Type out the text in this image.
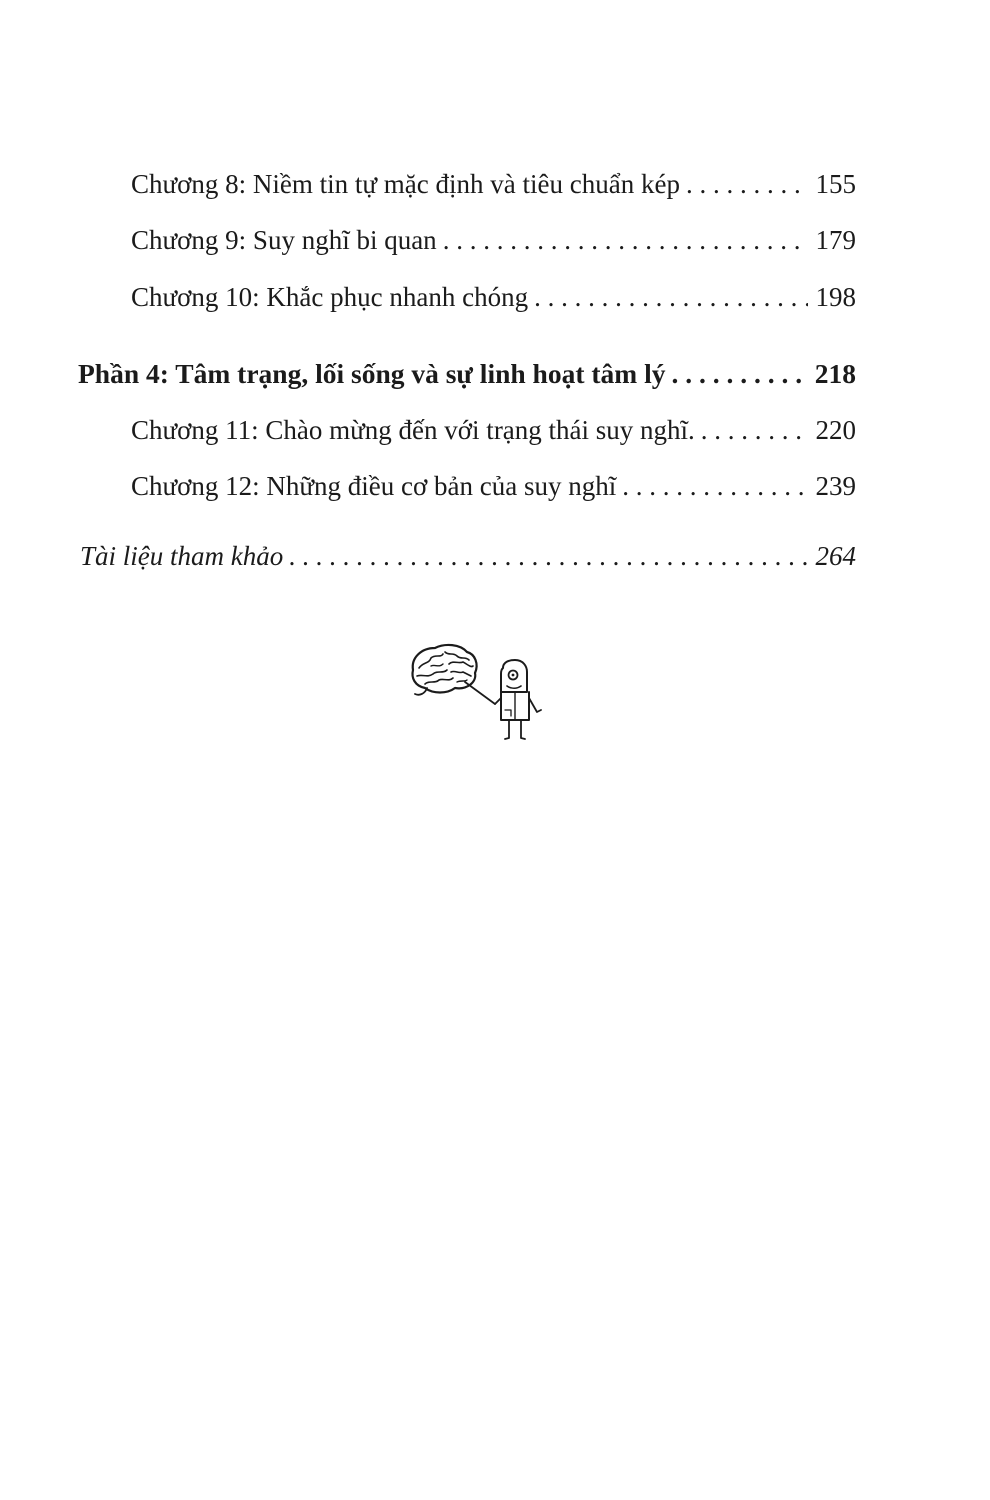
Chương 8: Niềm tin tự mặc định và tiêu chuẩn kép . . .	155
Chương 9: Suy nghĩ bi quan . . .	179
Chương 10: Khắc phục nhanh chóng . . .	198
Phần 4: Tâm trạng, lối sống và sự linh hoạt tâm lý . . .	218
Chương 11: Chào mừng đến với trạng thái suy nghĩ. . . .	220
Chương 12: Những điều cơ bản của suy nghĩ . . .	239
Tài liệu tham khảo . . .	264
